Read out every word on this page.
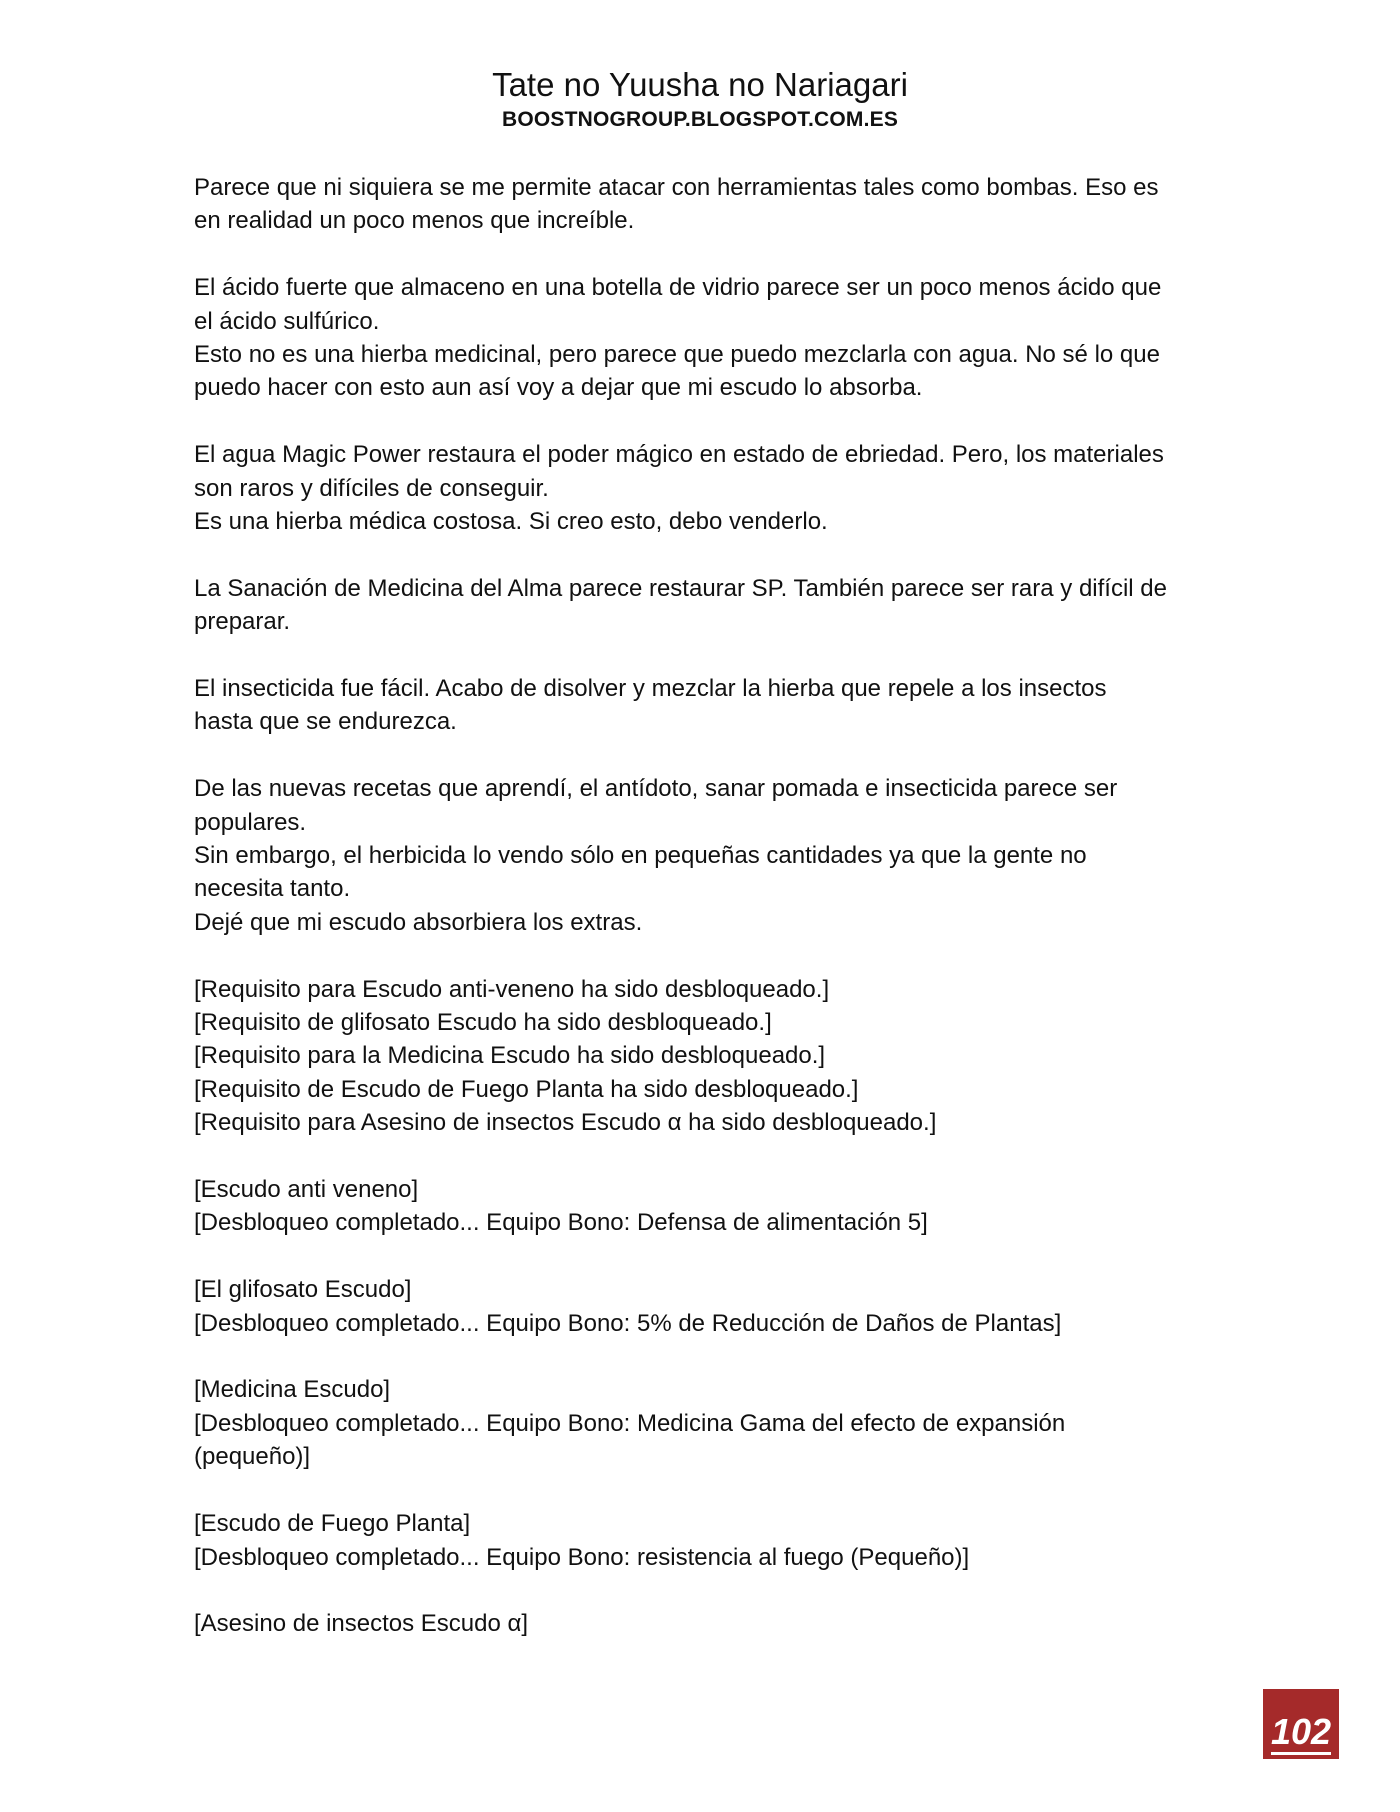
Tate no Yuusha no Nariagari
BOOSTNOGROUP.BLOGSPOT.COM.ES
Parece que ni siquiera se me permite atacar con herramientas tales como bombas. Eso es
en realidad un poco menos que increíble.
El ácido fuerte que almaceno en una botella de vidrio parece ser un poco menos ácido que
el ácido sulfúrico.
Esto no es una hierba medicinal, pero parece que puedo mezclarla con agua. No sé lo que
puedo hacer con esto aun así voy a dejar que mi escudo lo absorba.
El agua Magic Power restaura el poder mágico en estado de ebriedad. Pero, los materiales
son raros y difíciles de conseguir.
Es una hierba médica costosa. Si creo esto, debo venderlo.
La Sanación de Medicina del Alma parece restaurar SP. También parece ser rara y difícil de
preparar.
El insecticida fue fácil. Acabo de disolver y mezclar la hierba que repele a los insectos
hasta que se endurezca.
De las nuevas recetas que aprendí, el antídoto, sanar pomada e insecticida parece ser
populares.
Sin embargo, el herbicida lo vendo sólo en pequeñas cantidades ya que la gente no
necesita tanto.
Dejé que mi escudo absorbiera los extras.
[Requisito para Escudo anti-veneno ha sido desbloqueado.]
[Requisito de glifosato Escudo ha sido desbloqueado.]
[Requisito para la Medicina Escudo ha sido desbloqueado.]
[Requisito de Escudo de Fuego Planta ha sido desbloqueado.]
[Requisito para Asesino de insectos Escudo α ha sido desbloqueado.]
[Escudo anti veneno]
[Desbloqueo completado... Equipo Bono: Defensa de alimentación 5]
[El glifosato Escudo]
[Desbloqueo completado... Equipo Bono: 5% de Reducción de Daños de Plantas]
[Medicina Escudo]
[Desbloqueo completado... Equipo Bono: Medicina Gama del efecto de expansión
(pequeño)]
[Escudo de Fuego Planta]
[Desbloqueo completado... Equipo Bono: resistencia al fuego (Pequeño)]
[Asesino de insectos Escudo α]
102
